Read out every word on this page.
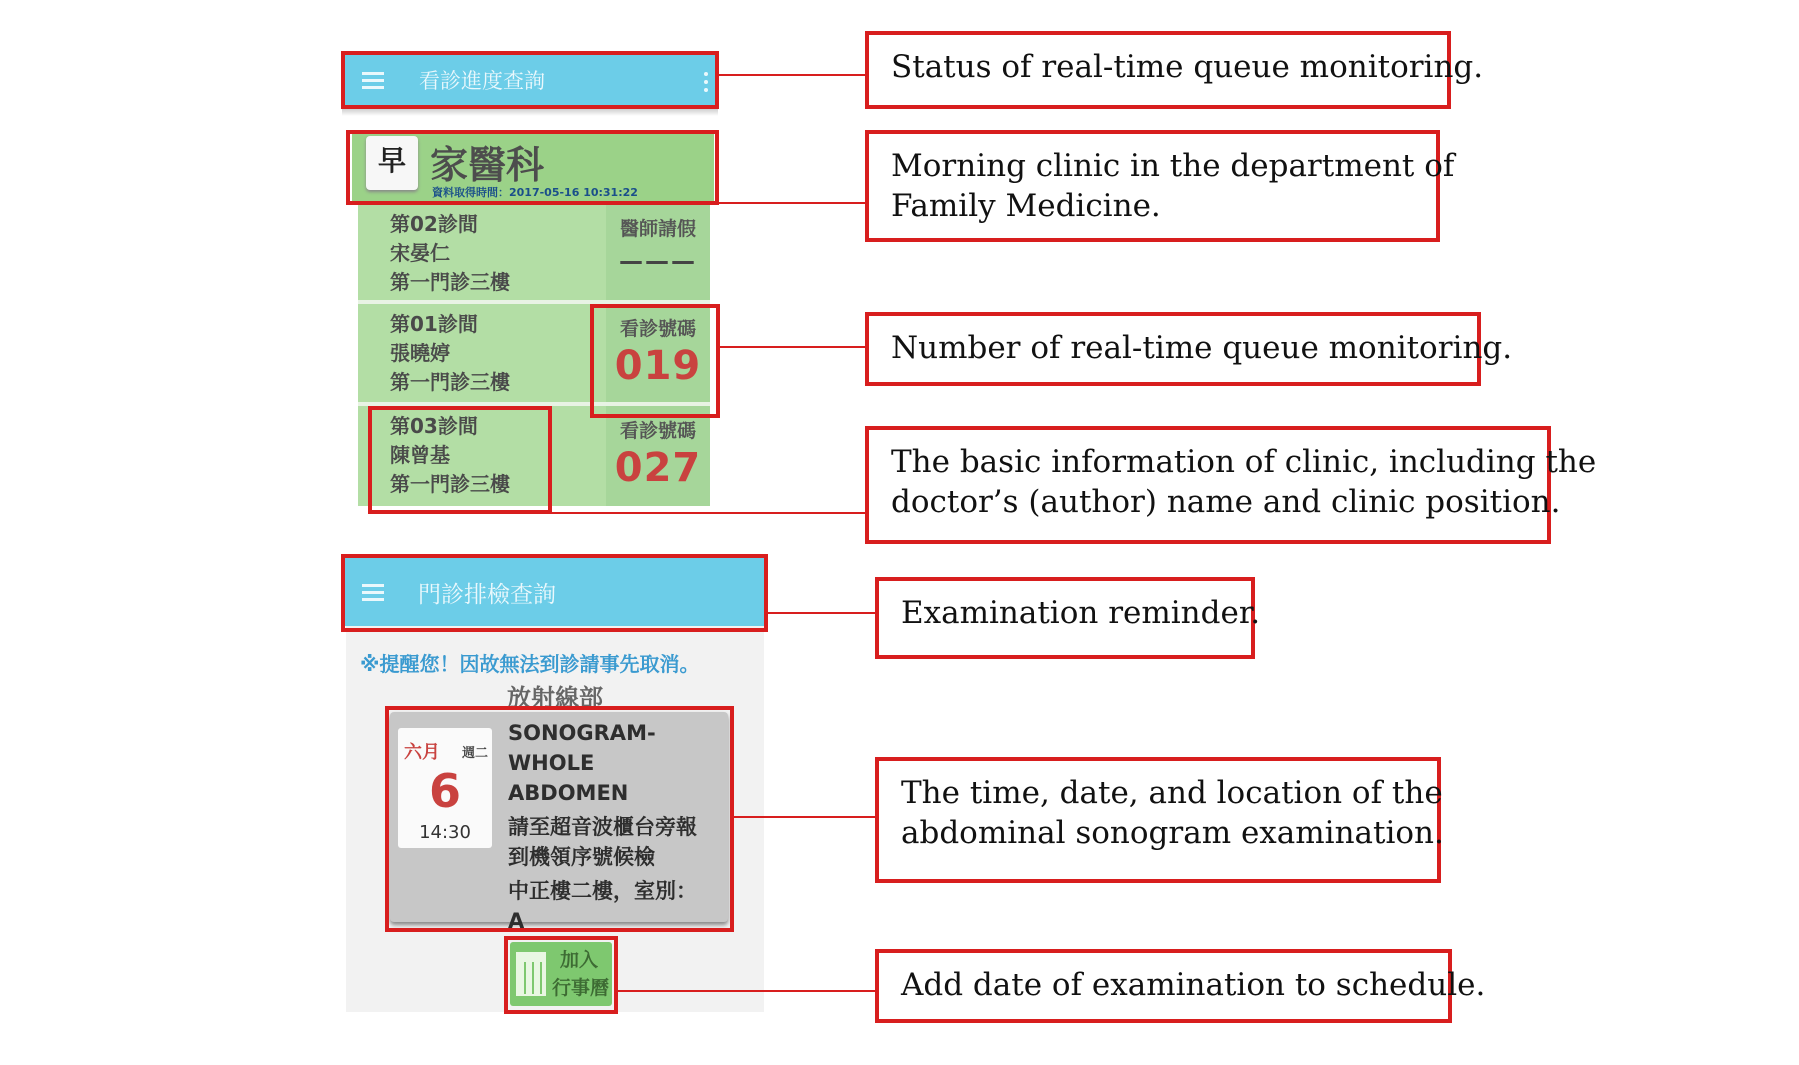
看診進度查詢
早 家醫科
資料取得時間：2017-05-16 10:31:22
第02診間
宋晏仁
第一門診三樓
醫師請假
———
第01診間
張曉婷
第一門診三樓
看診號碼
019
第03診間
陳曾基
第一門診三樓
看診號碼
027
門診排檢查詢
※提醒您！因故無法到診請事先取消。
放射線部
六月 週二
6
14:30
SONOGRAM-
WHOLE
ABDOMEN
請至超音波櫃台旁報
到機領序號候檢
中正樓二樓，室別：
A
加入
行事曆
Status of real-time queue monitoring.
Morning clinic in the department of
Family Medicine.
Number of real-time queue monitoring.
The basic information of clinic, including the
doctor’s (author) name and clinic position.
Examination reminder.
The time, date, and location of the
abdominal sonogram examination.
Add date of examination to schedule.
